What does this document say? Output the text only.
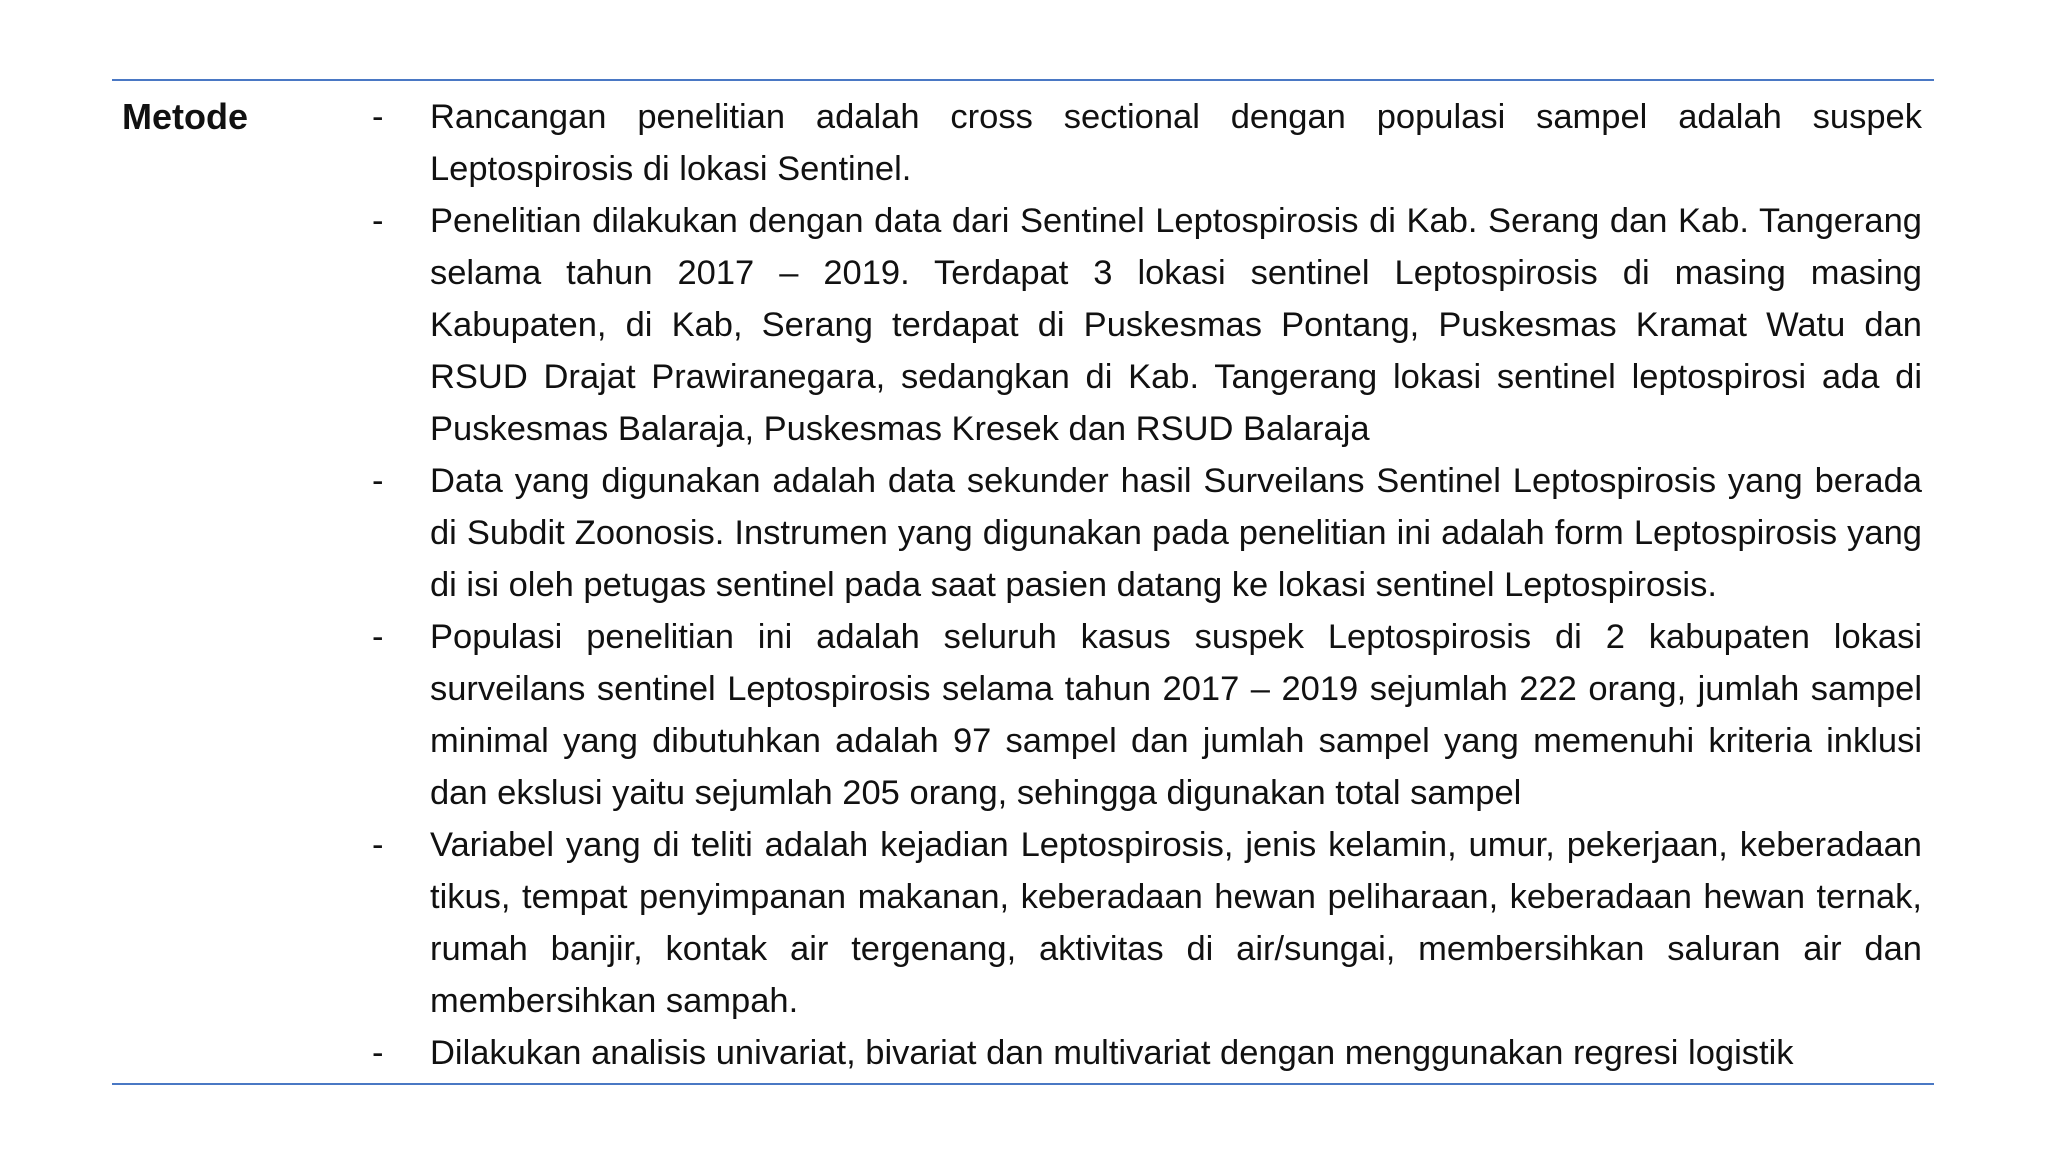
Metode	-	Rancangan penelitian adalah cross sectional dengan populasi sampel adalah suspek Leptospirosis di lokasi Sentinel.
-	Penelitian dilakukan dengan data dari Sentinel Leptospirosis di Kab. Serang dan Kab. Tangerang selama tahun 2017 – 2019. Terdapat 3 lokasi sentinel Leptospirosis di masing masing Kabupaten, di Kab, Serang terdapat di Puskesmas Pontang, Puskesmas Kramat Watu dan RSUD Drajat Prawiranegara, sedangkan di Kab. Tangerang lokasi sentinel leptospirosi ada di Puskesmas Balaraja, Puskesmas Kresek dan RSUD Balaraja
-	Data yang digunakan adalah data sekunder hasil Surveilans Sentinel Leptospirosis yang berada di Subdit Zoonosis. Instrumen yang digunakan pada penelitian ini adalah form Leptospirosis yang di isi oleh petugas sentinel pada saat pasien datang ke lokasi sentinel Leptospirosis.
-	Populasi penelitian ini adalah seluruh kasus suspek Leptospirosis di 2 kabupaten lokasi surveilans sentinel Leptospirosis selama tahun 2017 – 2019 sejumlah 222 orang, jumlah sampel minimal yang dibutuhkan adalah 97 sampel dan jumlah sampel yang memenuhi kriteria inklusi dan ekslusi yaitu sejumlah 205 orang, sehingga digunakan total sampel
-	Variabel yang di teliti adalah kejadian Leptospirosis, jenis kelamin, umur, pekerjaan, keberadaan tikus, tempat penyimpanan makanan, keberadaan hewan peliharaan, keberadaan hewan ternak, rumah banjir, kontak air tergenang, aktivitas di air/sungai, membersihkan saluran air dan membersihkan sampah.
-	Dilakukan analisis univariat, bivariat dan multivariat dengan menggunakan regresi logistik
